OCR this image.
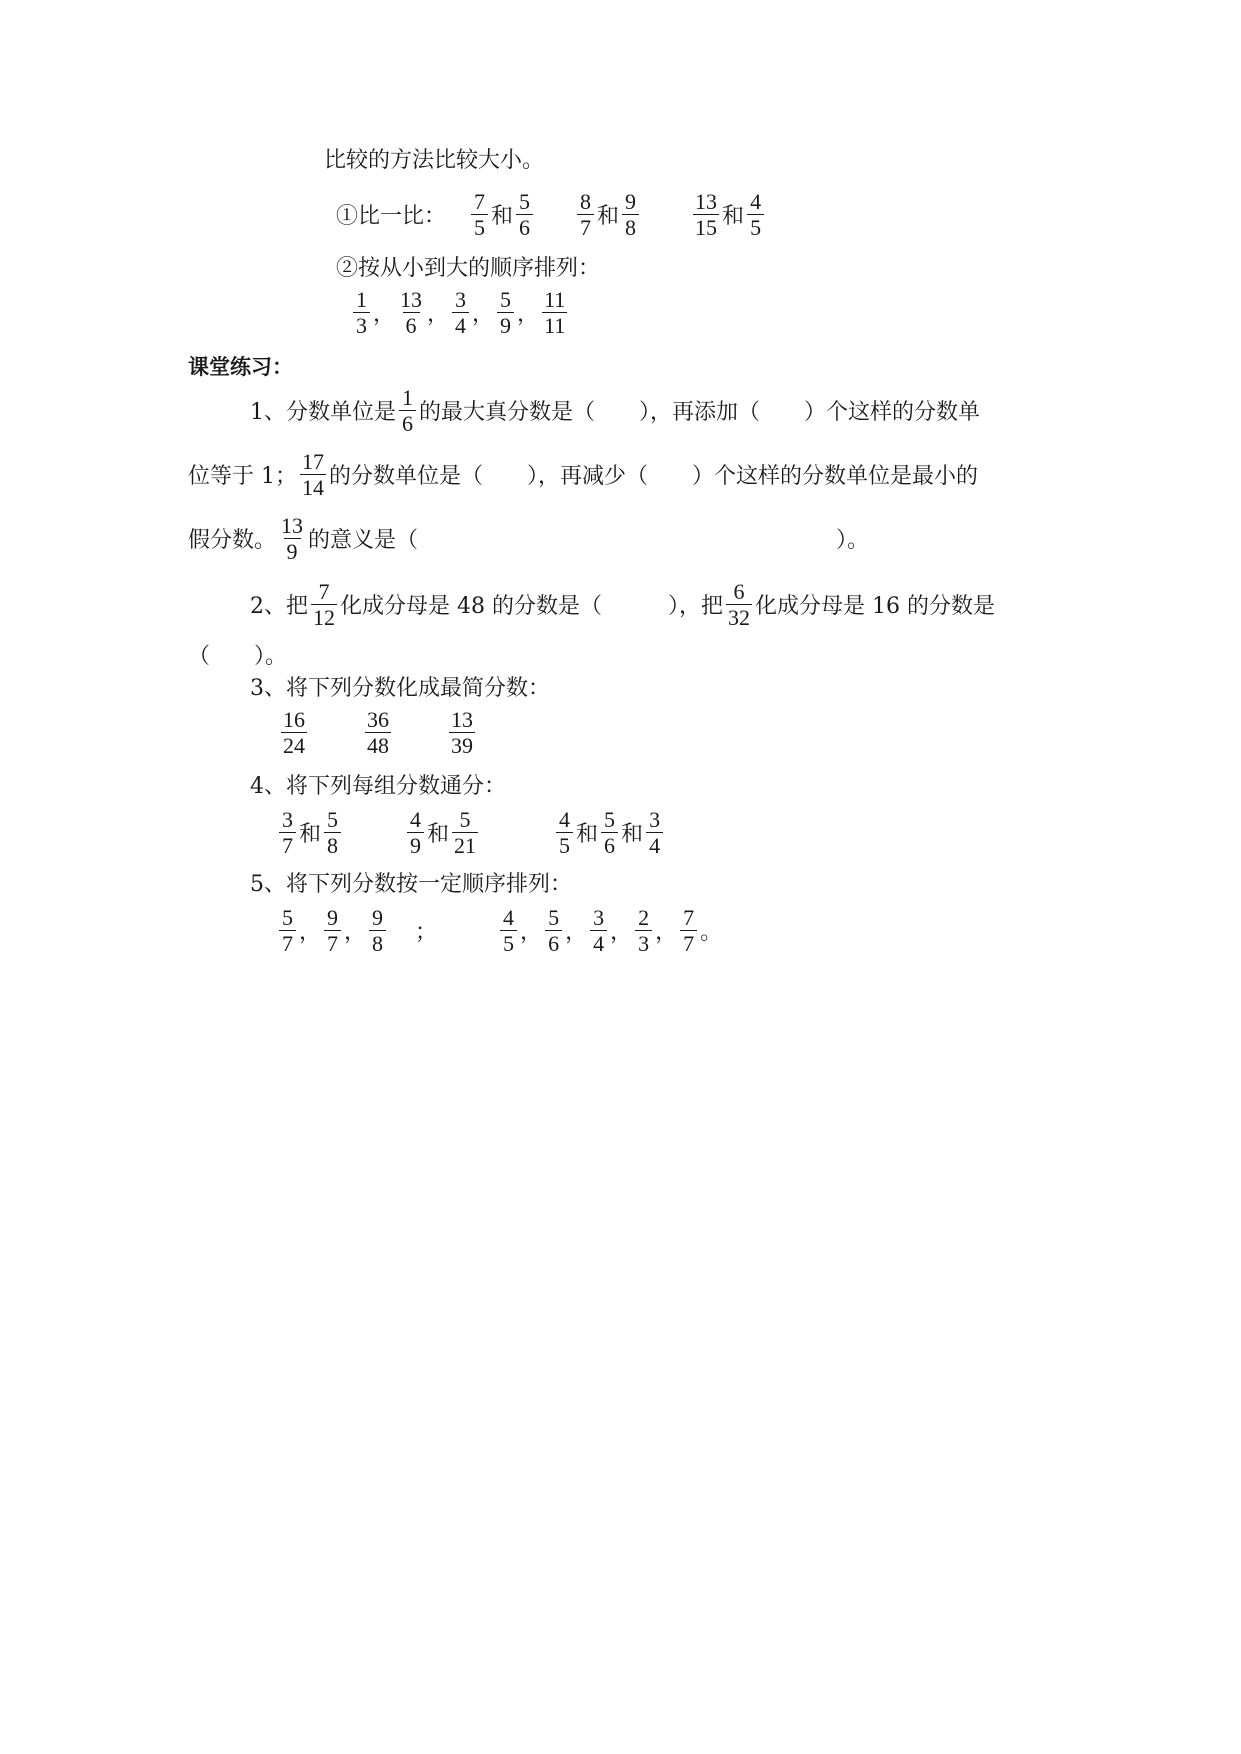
比较的方法比较大小。
①比一比：
7
5 和
5
6
8
7 和
9
8
13
15 和
4
5
②按从小到大的顺序排列：
1
3 ，
13
6 ，
3
4 ，
5
9 ，
11
11
课堂练习：
1、分数单位是
1
6 的最大真分数是（　　），再添加（　　）个这样的分数单
位等于 1；
17
14 的分数单位是（　　），再减少（　　）个这样的分数单位是最小的
假分数。
13
9 的意义是（　　　　　　　　　　　　　　　　　　　）。
2、把
7
12 化成分母是 48 的分数是（　　　），把
6
32 化成分母是 16 的分数是
（　　）。
3、将下列分数化成最简分数：
16
24
36
48
13
39
4、将下列每组分数通分：
3
7 和
5
8
4
9 和
5
21
4
5 和
5
6 和
3
4
5、将下列分数按一定顺序排列：
5
7 ，
9
7 ，
9
8 ；
4
5 ，
5
6 ，
3
4 ，
2
3 ，
7
7 。
